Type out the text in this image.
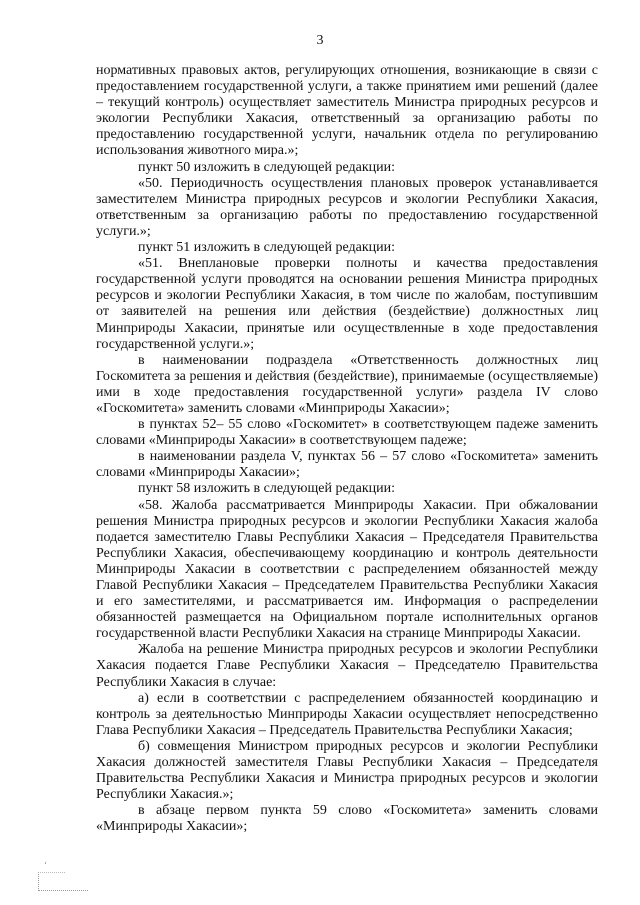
3
нормативных правовых актов, регулирующих отношения, возникающие в связи с
предоставлением государственной услуги, а также принятием ими решений (далее
– текущий контроль) осуществляет заместитель Министра природных ресурсов и
экологии Республики Хакасия, ответственный за организацию работы по
предоставлению государственной услуги, начальник отдела по регулированию
использования животного мира.»;
пункт 50 изложить в следующей редакции:
«50. Периодичность осуществления плановых проверок устанавливается
заместителем Министра природных ресурсов и экологии Республики Хакасия,
ответственным за организацию работы по предоставлению государственной
услуги.»;
пункт 51 изложить в следующей редакции:
«51. Внеплановые проверки полноты и качества предоставления
государственной услуги проводятся на основании решения Министра природных
ресурсов и экологии Республики Хакасия, в том числе по жалобам, поступившим
от заявителей на решения или действия (бездействие) должностных лиц
Минприроды Хакасии, принятые или осуществленные в ходе предоставления
государственной услуги.»;
в наименовании подраздела «Ответственность должностных лиц
Госкомитета за решения и действия (бездействие), принимаемые (осуществляемые)
ими в ходе предоставления государственной услуги» раздела IV слово
«Госкомитета» заменить словами «Минприроды Хакасии»;
в пунктах 52– 55 слово «Госкомитет» в соответствующем падеже заменить
словами «Минприроды Хакасии» в соответствующем падеже;
в наименовании раздела V, пунктах 56 – 57 слово «Госкомитета» заменить
словами «Минприроды Хакасии»;
пункт 58 изложить в следующей редакции:
«58. Жалоба рассматривается Минприроды Хакасии. При обжаловании
решения Министра природных ресурсов и экологии Республики Хакасия жалоба
подается заместителю Главы Республики Хакасия – Председателя Правительства
Республики Хакасия, обеспечивающему координацию и контроль деятельности
Минприроды Хакасии в соответствии с распределением обязанностей между
Главой Республики Хакасия – Председателем Правительства Республики Хакасия
и его заместителями, и рассматривается им. Информация о распределении
обязанностей размещается на Официальном портале исполнительных органов
государственной власти Республики Хакасия на странице Минприроды Хакасии.
Жалоба на решение Министра природных ресурсов и экологии Республики
Хакасия подается Главе Республики Хакасия – Председателю Правительства
Республики Хакасия в случае:
а) если в соответствии с распределением обязанностей координацию и
контроль за деятельностью Минприроды Хакасии осуществляет непосредственно
Глава Республики Хакасия – Председатель Правительства Республики Хакасия;
б) совмещения Министром природных ресурсов и экологии Республики
Хакасия должностей заместителя Главы Республики Хакасия – Председателя
Правительства Республики Хакасия и Министра природных ресурсов и экологии
Республики Хакасия.»;
в абзаце первом пункта 59 слово «Госкомитета» заменить словами
«Минприроды Хакасии»;
‘
